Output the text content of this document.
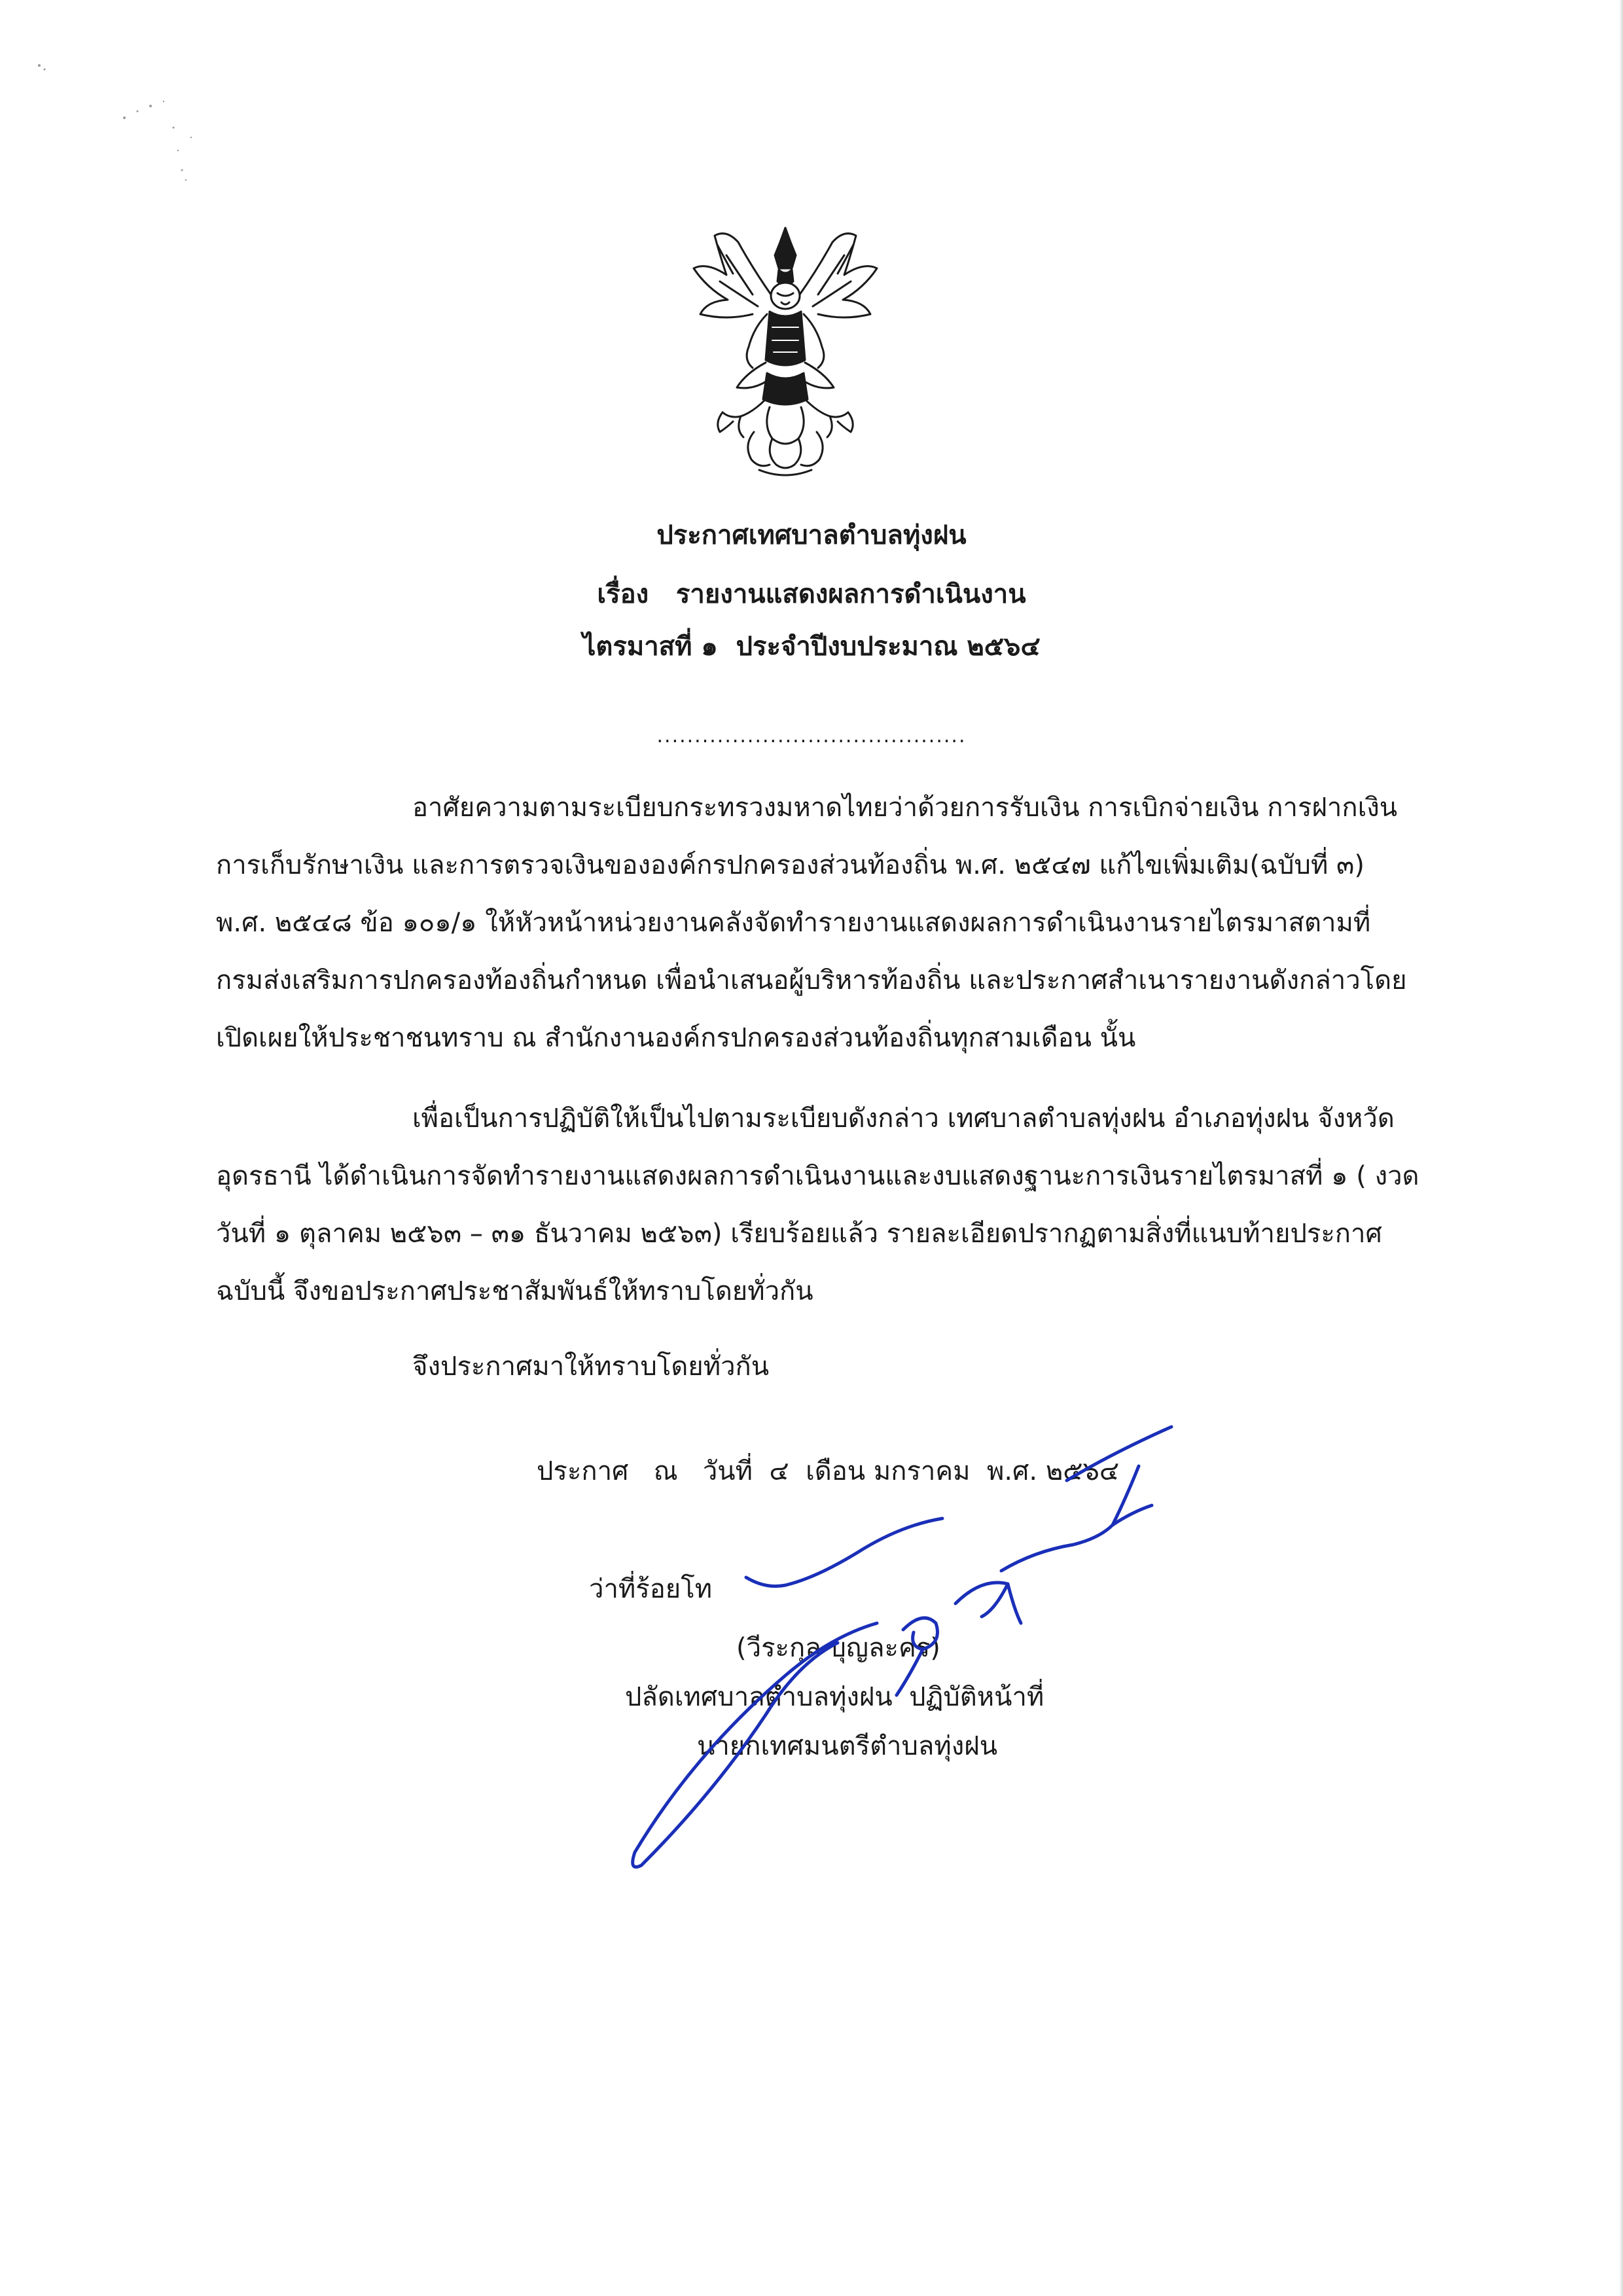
ประกาศเทศบาลตำบลทุ่งฝน
เรื่อง รายงานแสดงผลการดำเนินงาน
ไตรมาสที่ ๑  ประจำปีงบประมาณ ๒๕๖๔
.........................................
อาศัยความตามระเบียบกระทรวงมหาดไทยว่าด้วยการรับเงิน การเบิกจ่ายเงิน การฝากเงิน
การเก็บรักษาเงิน และการตรวจเงินขององค์กรปกครองส่วนท้องถิ่น พ.ศ. ๒๕๔๗ แก้ไขเพิ่มเติม(ฉบับที่ ๓)
พ.ศ. ๒๕๔๘ ข้อ ๑๐๑/๑ ให้หัวหน้าหน่วยงานคลังจัดทำรายงานแสดงผลการดำเนินงานรายไตรมาสตามที่
กรมส่งเสริมการปกครองท้องถิ่นกำหนด เพื่อนำเสนอผู้บริหารท้องถิ่น และประกาศสำเนารายงานดังกล่าวโดย
เปิดเผยให้ประชาชนทราบ ณ สำนักงานองค์กรปกครองส่วนท้องถิ่นทุกสามเดือน นั้น
เพื่อเป็นการปฏิบัติให้เป็นไปตามระเบียบดังกล่าว เทศบาลตำบลทุ่งฝน อำเภอทุ่งฝน จังหวัด
อุดรธานี ได้ดำเนินการจัดทำรายงานแสดงผลการดำเนินงานและงบแสดงฐานะการเงินรายไตรมาสที่ ๑ ( งวด
วันที่ ๑ ตุลาคม ๒๕๖๓ – ๓๑ ธันวาคม ๒๕๖๓) เรียบร้อยแล้ว รายละเอียดปรากฏตามสิ่งที่แนบท้ายประกาศ
ฉบับนี้ จึงขอประกาศประชาสัมพันธ์ให้ทราบโดยทั่วกัน
จึงประกาศมาให้ทราบโดยทั่วกัน
ประกาศ   ณ   วันที่  ๔  เดือน มกราคม  พ.ศ. ๒๕๖๔
ว่าที่ร้อยโท
(วีระกุล บุญละคร)
ปลัดเทศบาลตำบลทุ่งฝน  ปฏิบัติหน้าที่
นายกเทศมนตรีตำบลทุ่งฝน
